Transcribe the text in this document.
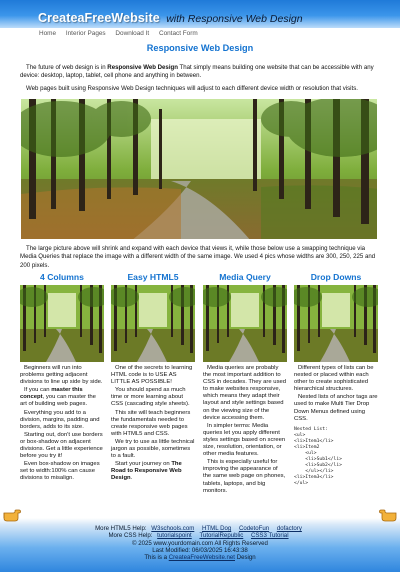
CreateaFreeWebsite with Responsive Web Design
Home Interior Pages Download It Contact Form
Responsive Web Design

The future of web design is in Responsive Web Design That simply means building one website that can be accessible with any device: desktop, laptop, tablet, cell phone and anything in between.

Web pages built using Responsive Web Design techniques will adjust to each different device width or resolution that visits.

The large picture above will shrink and expand with each device that views it, while those below use a swapping technique via Media Queries that replace the image with a different width of the same image. We used 4 pics whose widths are 300, 250, 225 and 200 pixels.

4 Columns

Beginners will run into problems getting adjacent divisions to line up side by side.

If you can master this concept, you can master the art of building web pages.

Everything you add to a division, margins, padding and borders, adds to its size.

Starting out, don't use borders or box-shadow on adjacent divisions. Get a little experience before you try it!

Even box-shadow on images set to width:100% can cause divisions to misalign.

Easy HTML5

One of the secrets to learning HTML code is to USE AS LITTLE AS POSSIBLE!

You should spend as much time or more learning about CSS (cascading style sheets).

This site will teach beginners the fundamentals needed to create responsive web pages with HTML5 and CSS.

We try to use as little technical jargon as possible, sometimes to a fault.

Start your journey on The Road to Responsive Web Design.

Media Query

Media queries are probably the most important addition to CSS in decades. They are used to make websites responsive, which means they adapt their layout and style settings based on the viewing size of the device accessing them.

In simpler terms: Media queries let you apply different styles settings based on screen size, resolution, orientation, or other media features.

This is especially useful for improving the appearance of the same web page on phones, tablets, laptops, and big monitors.

Drop Downs

Different types of lists can be nested or placed within each other to create sophisticated hierarchical structures.

Nested lists of anchor tags are used to make Multi Tier Drop Down Menus defined using CSS.

Nested List:
<ul>
<li>Item1</li>
<li>Item2
<ul>
<li>Sub1</li>
<li>Sub2</li>
</ul></li>
<li>Item3</li>
</ul>
More HTML5 Help: W3schools.com HTML Dog CodetoFun dofactory
More CSS Help: tutorialspoint TutorialRepublic CSS3 Tutorial
© 2025 www.yourdomain.com All Rights Reserved
Last Modified: 06/03/2025 16:43:38
This is a CreateaFreeWebsite.net Design
